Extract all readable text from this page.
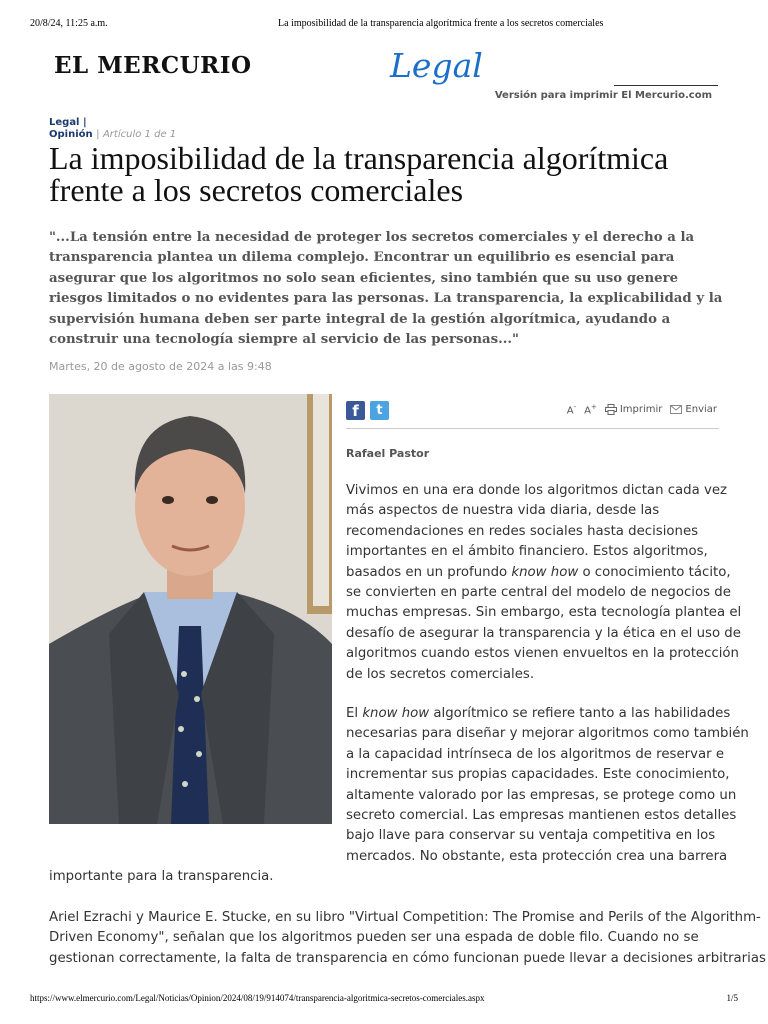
20/8/24, 11:25 a.m.	La imposibilidad de la transparencia algorítmica frente a los secretos comerciales
EL MERCURIO	Legal
Versión para imprimir El Mercurio.com
Legal |
Opinión | Artículo 1 de 1
La imposibilidad de la transparencia algorítmica frente a los secretos comerciales
"...La tensión entre la necesidad de proteger los secretos comerciales y el derecho a la transparencia plantea un dilema complejo. Encontrar un equilibrio es esencial para asegurar que los algoritmos no solo sean eficientes, sino también que su uso genere riesgos limitados o no evidentes para las personas. La transparencia, la explicabilidad y la supervisión humana deben ser parte integral de la gestión algorítmica, ayudando a construir una tecnología siempre al servicio de las personas..."
Martes, 20 de agosto de 2024 a las 9:48
f	t	A- A+ Imprimir Enviar
Rafael Pastor
Vivimos en una era donde los algoritmos dictan cada vez
más aspectos de nuestra vida diaria, desde las
recomendaciones en redes sociales hasta decisiones
importantes en el ámbito financiero. Estos algoritmos,
basados en un profundo know how o conocimiento tácito,
se convierten en parte central del modelo de negocios de
muchas empresas. Sin embargo, esta tecnología plantea el
desafío de asegurar la transparencia y la ética en el uso de
algoritmos cuando estos vienen envueltos en la protección
de los secretos comerciales.
El know how algorítmico se refiere tanto a las habilidades
necesarias para diseñar y mejorar algoritmos como también
a la capacidad intrínseca de los algoritmos de reservar e
incrementar sus propias capacidades. Este conocimiento,
altamente valorado por las empresas, se protege como un
secreto comercial. Las empresas mantienen estos detalles
bajo llave para conservar su ventaja competitiva en los
mercados. No obstante, esta protección crea una barrera
importante para la transparencia.
Ariel Ezrachi y Maurice E. Stucke, en su libro "Virtual Competition: The Promise and Perils of the Algorithm-
Driven Economy", señalan que los algoritmos pueden ser una espada de doble filo. Cuando no se
gestionan correctamente, la falta de transparencia en cómo funcionan puede llevar a decisiones arbitrarias
https://www.elmercurio.com/Legal/Noticias/Opinion/2024/08/19/914074/transparencia-algoritmica-secretos-comerciales.aspx	1/5
